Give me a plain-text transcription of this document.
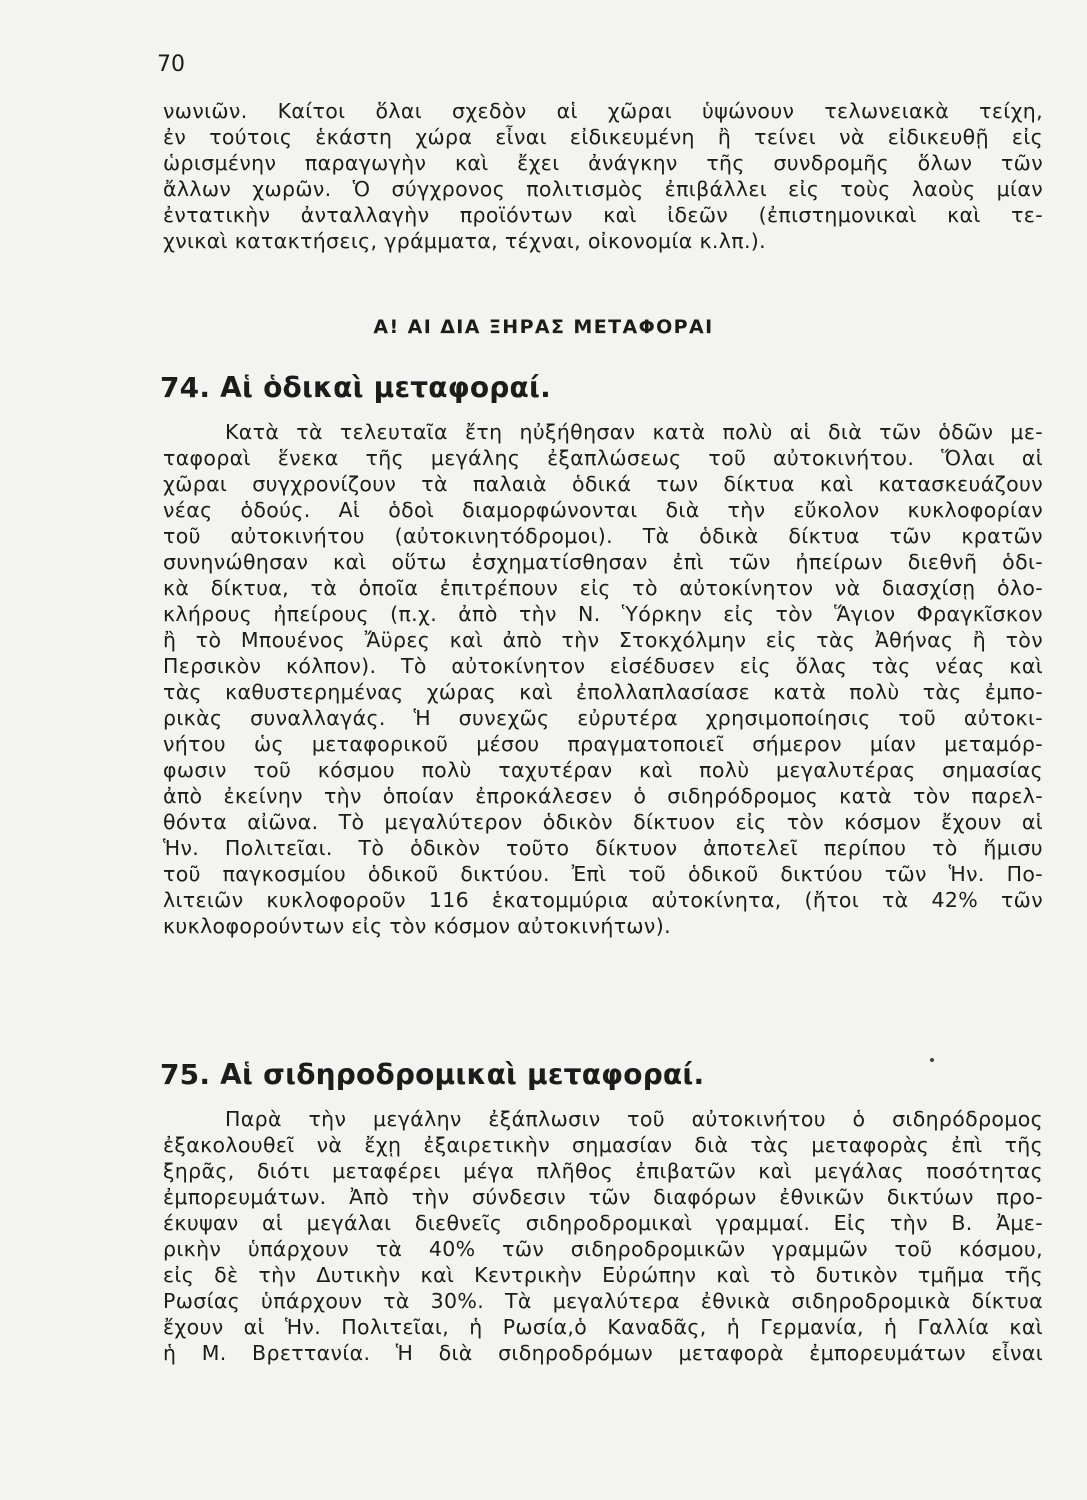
70
νωνιῶν. Καίτοι ὅλαι σχεδὸν αἱ χῶραι ὑψώνουν τελωνειακὰ τείχη,
ἐν τούτοις ἑκάστη χώρα εἶναι εἰδικευμένη ἢ τείνει νὰ εἰδικευθῇ εἰς
ὡρισμένην παραγωγὴν καὶ ἔχει ἀνάγκην τῆς συνδρομῆς ὅλων τῶν
ἄλλων χωρῶν. Ὁ σύγχρονος πολιτισμὸς ἐπιβάλλει εἰς τοὺς λαοὺς μίαν
ἐντατικὴν ἀνταλλαγὴν προϊόντων καὶ ἰδεῶν (ἐπιστημονικαὶ καὶ τε-
χνικαὶ κατακτήσεις, γράμματα, τέχναι, οἰκονομία κ.λπ.).
Α! ΑΙ ΔΙΑ ΞΗΡΑΣ ΜΕΤΑΦΟΡΑΙ
74. Αἱ ὁδικαὶ μεταφοραί.
Κατὰ τὰ τελευταῖα ἔτη ηὐξήθησαν κατὰ πολὺ αἱ διὰ τῶν ὁδῶν με-
ταφοραὶ ἕνεκα τῆς μεγάλης ἐξαπλώσεως τοῦ αὐτοκινήτου. Ὅλαι αἱ
χῶραι συγχρονίζουν τὰ παλαιὰ ὁδικά των δίκτυα καὶ κατασκευάζουν
νέας ὁδούς. Αἱ ὁδοὶ διαμορφώνονται διὰ τὴν εὔκολον κυκλοφορίαν
τοῦ αὐτοκινήτου (αὐτοκινητόδρομοι). Τὰ ὁδικὰ δίκτυα τῶν κρατῶν
συνηνώθησαν καὶ οὕτω ἐσχηματίσθησαν ἐπὶ τῶν ἠπείρων διεθνῆ ὁδι-
κὰ δίκτυα, τὰ ὁποῖα ἐπιτρέπουν εἰς τὸ αὐτοκίνητον νὰ διασχίσῃ ὁλο-
κλήρους ἠπείρους (π.χ. ἀπὸ τὴν Ν. Ὑόρκην εἰς τὸν Ἅγιον Φραγκῖσκον
ἢ τὸ Μπουένος Ἄϋρες καὶ ἀπὸ τὴν Στοκχόλμην εἰς τὰς Ἀθήνας ἢ τὸν
Περσικὸν κόλπον). Τὸ αὐτοκίνητον εἰσέδυσεν εἰς ὅλας τὰς νέας καὶ
τὰς καθυστερημένας χώρας καὶ ἐπολλαπλασίασε κατὰ πολὺ τὰς ἐμπο-
ρικὰς συναλλαγάς. Ἡ συνεχῶς εὐρυτέρα χρησιμοποίησις τοῦ αὐτοκι-
νήτου ὡς μεταφορικοῦ μέσου πραγματοποιεῖ σήμερον μίαν μεταμόρ-
φωσιν τοῦ κόσμου πολὺ ταχυτέραν καὶ πολὺ μεγαλυτέρας σημασίας
ἀπὸ ἐκείνην τὴν ὁποίαν ἐπροκάλεσεν ὁ σιδηρόδρομος κατὰ τὸν παρελ-
θόντα αἰῶνα. Τὸ μεγαλύτερον ὁδικὸν δίκτυον εἰς τὸν κόσμον ἔχουν αἱ
Ἡν. Πολιτεῖαι. Τὸ ὁδικὸν τοῦτο δίκτυον ἀποτελεῖ περίπου τὸ ἥμισυ
τοῦ παγκοσμίου ὁδικοῦ δικτύου. Ἐπὶ τοῦ ὁδικοῦ δικτύου τῶν Ἡν. Πο-
λιτειῶν κυκλοφοροῦν 116 ἑκατομμύρια αὐτοκίνητα, (ἤτοι τὰ 42% τῶν
κυκλοφορούντων εἰς τὸν κόσμον αὐτοκινήτων).
75. Αἱ σιδηροδρομικαὶ μεταφοραί.
Παρὰ τὴν μεγάλην ἐξάπλωσιν τοῦ αὐτοκινήτου ὁ σιδηρόδρομος
ἐξακολουθεῖ νὰ ἔχῃ ἐξαιρετικὴν σημασίαν διὰ τὰς μεταφορὰς ἐπὶ τῆς
ξηρᾶς, διότι μεταφέρει μέγα πλῆθος ἐπιβατῶν καὶ μεγάλας ποσότητας
ἐμπορευμάτων. Ἀπὸ τὴν σύνδεσιν τῶν διαφόρων ἐθνικῶν δικτύων προ-
έκυψαν αἱ μεγάλαι διεθνεῖς σιδηροδρομικαὶ γραμμαί. Εἰς τὴν Β. Ἀμε-
ρικὴν ὑπάρχουν τὰ 40% τῶν σιδηροδρομικῶν γραμμῶν τοῦ κόσμου,
εἰς δὲ τὴν Δυτικὴν καὶ Κεντρικὴν Εὐρώπην καὶ τὸ δυτικὸν τμῆμα τῆς
Ρωσίας ὑπάρχουν τὰ 30%. Τὰ μεγαλύτερα ἐθνικὰ σιδηροδρομικὰ δίκτυα
ἔχουν αἱ Ἡν. Πολιτεῖαι, ἡ Ρωσία,ὁ Καναδᾶς, ἡ Γερμανία, ἡ Γαλλία καὶ
ἡ Μ. Βρεττανία. Ἡ διὰ σιδηροδρόμων μεταφορὰ ἐμπορευμάτων εἶναι
